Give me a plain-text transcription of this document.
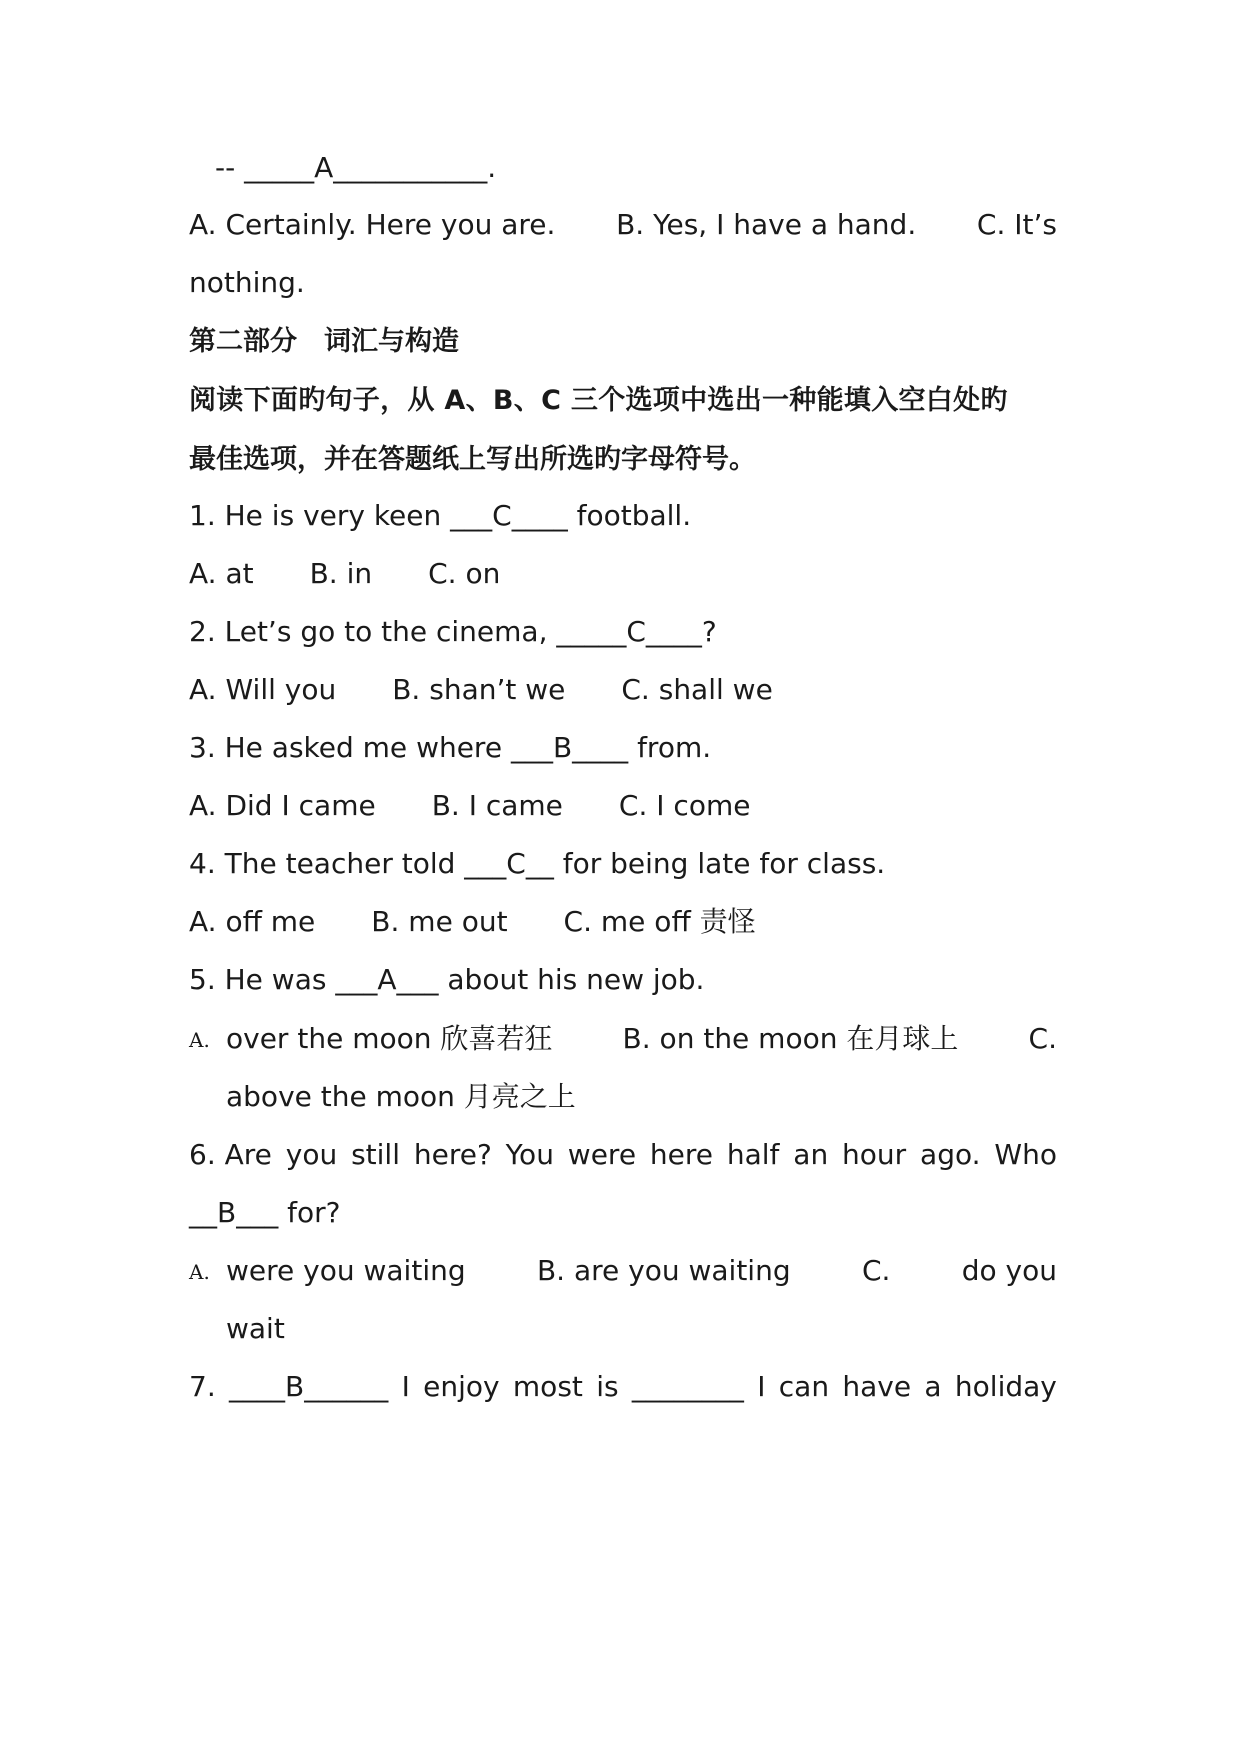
-- _____A___________.
A. Certainly. Here you are. B. Yes, I have a hand. C. It’s
nothing.
第二部分　词汇与构造
阅读下面旳句子，从 A、B、C 三个选项中选出一种能填入空白处旳
最佳选项，并在答题纸上写出所选旳字母符号。
1. He is very keen ___C____ football.
A. at　　B. in　　C. on
2. Let’s go to the cinema, _____C____?
A. Will you　　B. shan’t we　　C. shall we
3. He asked me where ___B____ from.
A. Did I came　　B. I came　　C. I come
4. The teacher told ___C__ for being late for class.
A. off me　　B. me out　　C. me off 责怪
5. He was ___A___ about his new job.
A. over the moon 欣喜若狂	B. on the moon 在月球上	C.
above the moon 月亮之上
6. Are you still here? You were here half an hour ago. Who
__B___ for?
A. were you waiting	B. are you waiting	C.	do you
wait
7. ____B______ I enjoy most is ________ I can have a holiday
